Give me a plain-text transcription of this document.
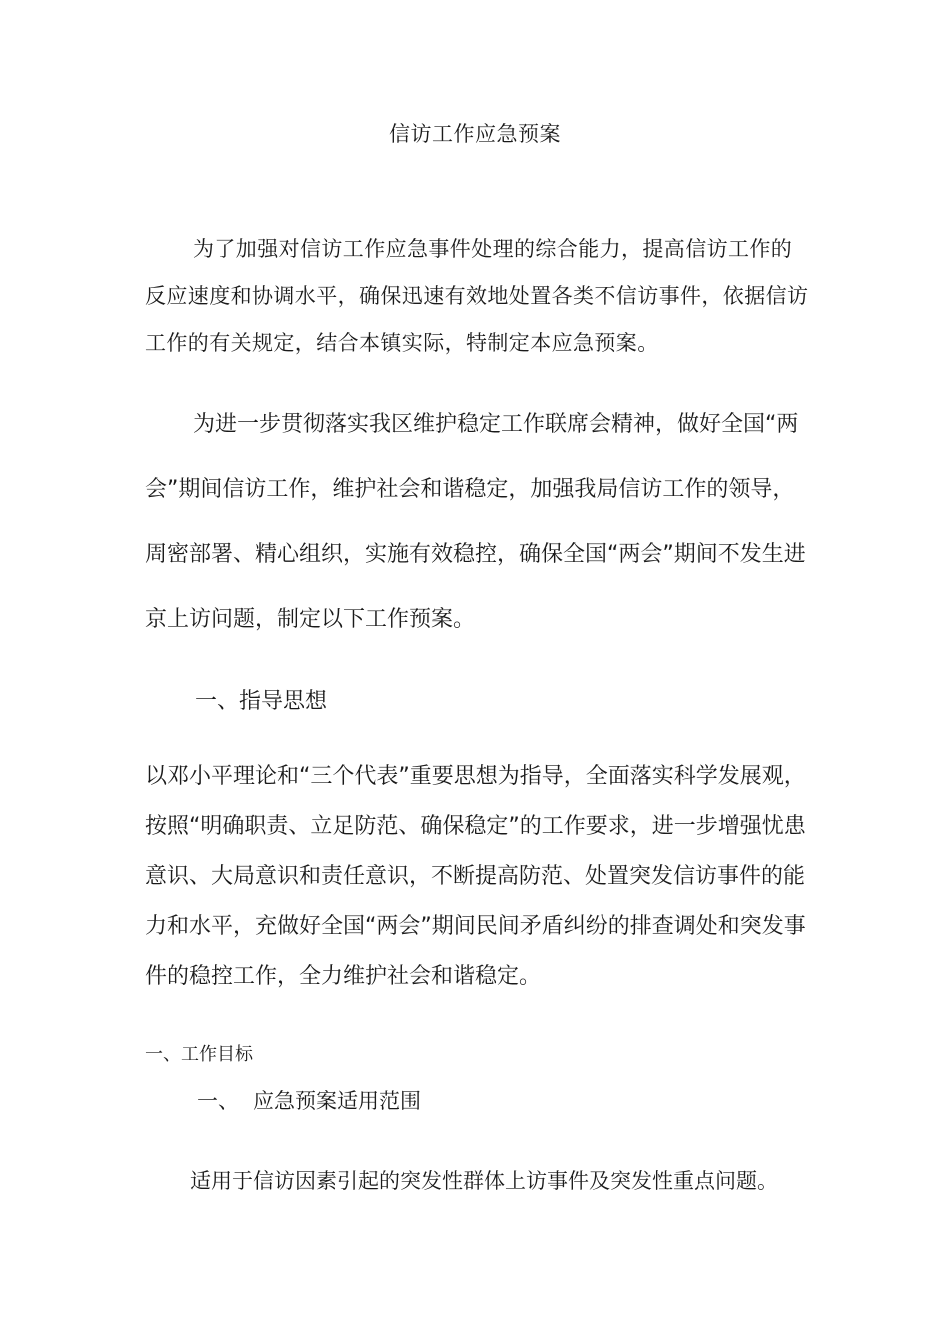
信访工作应急预案

为了加强对信访工作应急事件处理的综合能力，提高信访工作的反应速度和协调水平，确保迅速有效地处置各类不信访事件，依据信访工作的有关规定，结合本镇实际，特制定本应急预案。

为进一步贯彻落实我区维护稳定工作联席会精神，做好全国“两会”期间信访工作，维护社会和谐稳定，加强我局信访工作的领导，周密部署、精心组织，实施有效稳控，确保全国“两会”期间不发生进京上访问题，制定以下工作预案。

一、指导思想

以邓小平理论和“三个代表”重要思想为指导，全面落实科学发展观，按照“明确职责、立足防范、确保稳定”的工作要求，进一步增强忧患意识、大局意识和责任意识，不断提高防范、处置突发信访事件的能力和水平，充做好全国“两会”期间民间矛盾纠纷的排查调处和突发事件的稳控工作，全力维护社会和谐稳定。

一、工作目标
一、 应急预案适用范围
适用于信访因素引起的突发性群体上访事件及突发性重点问题。
